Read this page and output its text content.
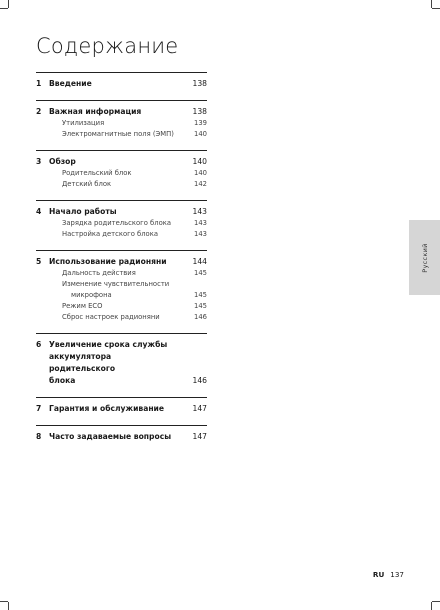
Содержание
1	Введение	138
2	Важная информация	138
Утилизация	139
Электромагнитные поля (ЭМП)	140
3	Обзор	140
Родительский блок	140
Детский блок	142
4	Начало работы	143
Зарядка родительского блока	143
Настройка детского блока	143
5	Использование радионяни	144
Дальность действия	145
Изменение чувствительности
микрофона	145
Режим ECO	145
Сброс настроек радионяни	146
6	Увеличение срока службы
аккумулятора родительского
блока	146
7	Гарантия и обслуживание	147
8	Часто задаваемые вопросы	147
Русский
RU 137
